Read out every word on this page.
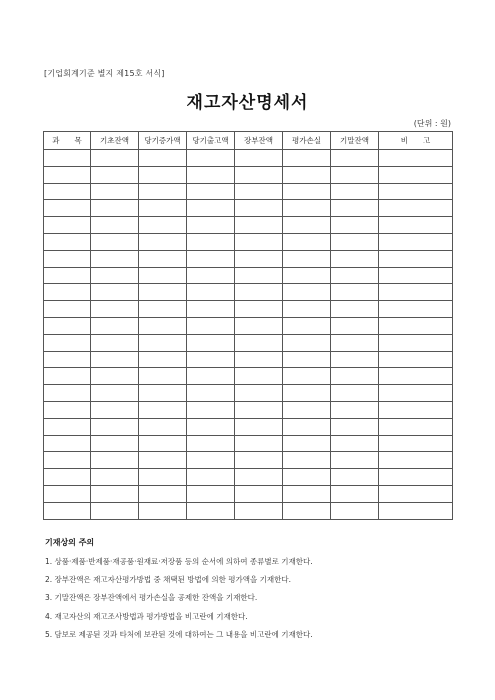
[기업회계기준 별지 제15호 서식]
재고자산명세서
(단위 : 원)
과　　목	기초잔액	당기증가액	당기출고액	장부잔액	평가손실	기말잔액	비　　고

기재상의 주의
1. 상품·제품·반제품·재공품·원재료·저장품 등의 순서에 의하여 종류별로 기재한다.
2. 장부잔액은 재고자산평가방법 중 채택된 방법에 의한 평가액을 기재한다.
3. 기말잔액은 장부잔액에서 평가손실을 공제한 잔액을 기재한다.
4. 재고자산의 재고조사방법과 평가방법을 비고란에 기재한다.
5. 담보로 제공된 것과 타처에 보관된 것에 대하여는 그 내용을 비고란에 기재한다.
